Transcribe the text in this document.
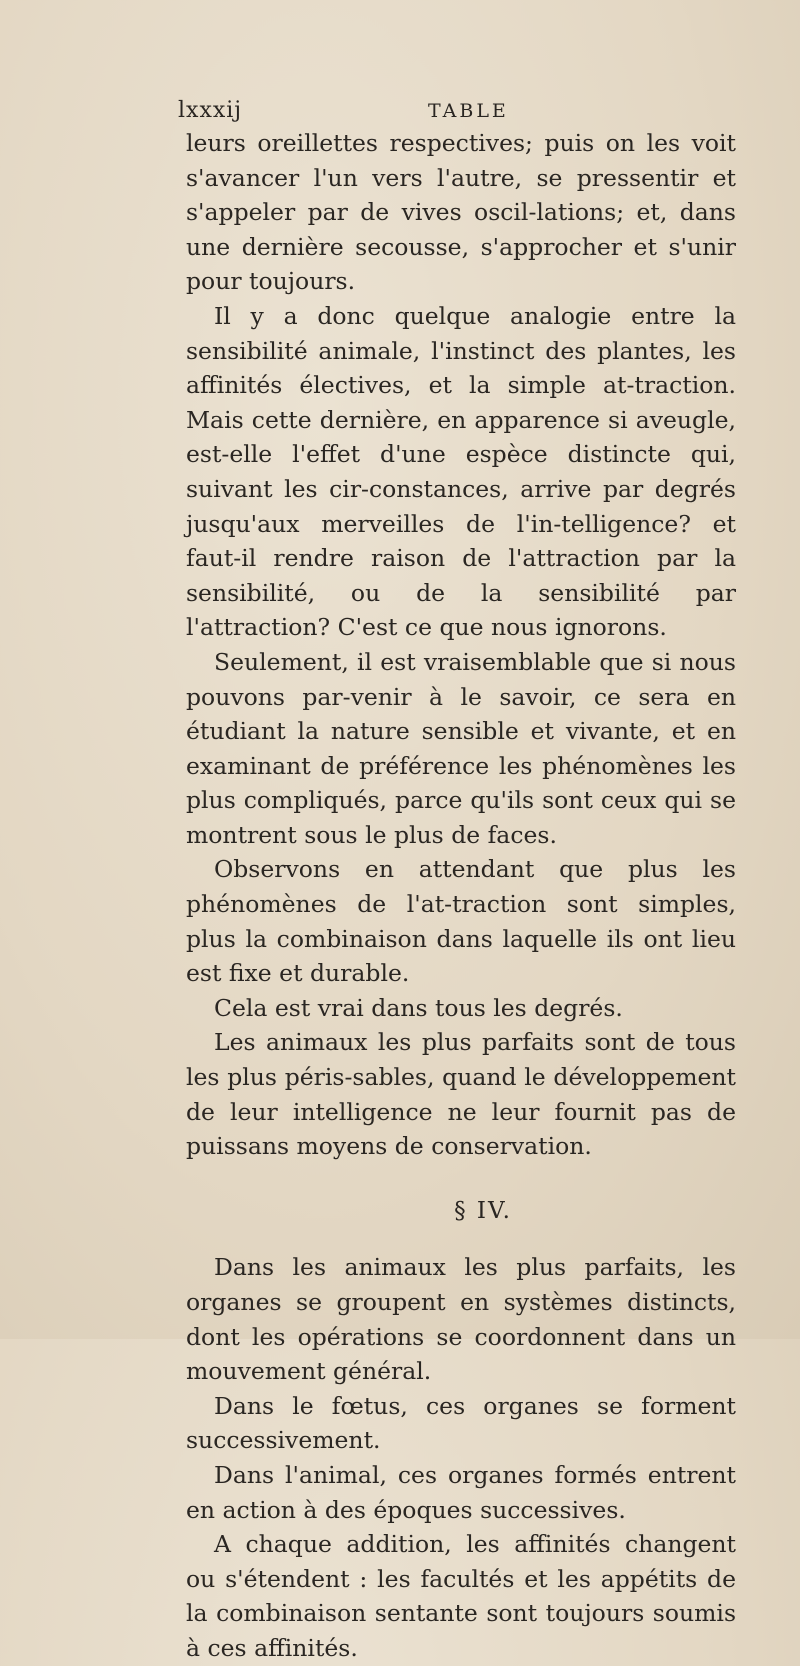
lxxxij	TABLE

leurs oreillettes respectives; puis on les voit s'avancer l'un vers l'autre, se pressentir et s'appeler par de vives oscil-lations; et, dans une dernière secousse, s'approcher et s'unir pour toujours.

Il y a donc quelque analogie entre la sensibilité animale, l'instinct des plantes, les affinités électives, et la simple at-traction. Mais cette dernière, en apparence si aveugle, est-elle l'effet d'une espèce distincte qui, suivant les cir-constances, arrive par degrés jusqu'aux merveilles de l'in-telligence? et faut-il rendre raison de l'attraction par la sensibilité, ou de la sensibilité par l'attraction? C'est ce que nous ignorons.

Seulement, il est vraisemblable que si nous pouvons par-venir à le savoir, ce sera en étudiant la nature sensible et vivante, et en examinant de préférence les phénomènes les plus compliqués, parce qu'ils sont ceux qui se montrent sous le plus de faces.

Observons en attendant que plus les phénomènes de l'at-traction sont simples, plus la combinaison dans laquelle ils ont lieu est fixe et durable.

Cela est vrai dans tous les degrés.

Les animaux les plus parfaits sont de tous les plus péris-sables, quand le développement de leur intelligence ne leur fournit pas de puissans moyens de conservation.

§ IV.

Dans les animaux les plus parfaits, les organes se groupent en systèmes distincts, dont les opérations se coordonnent dans un mouvement général.

Dans le fœtus, ces organes se forment successivement.

Dans l'animal, ces organes formés entrent en action à des époques successives.

A chaque addition, les affinités changent ou s'étendent : les facultés et les appétits de la combinaison sentante sont toujours soumis à ces affinités.
